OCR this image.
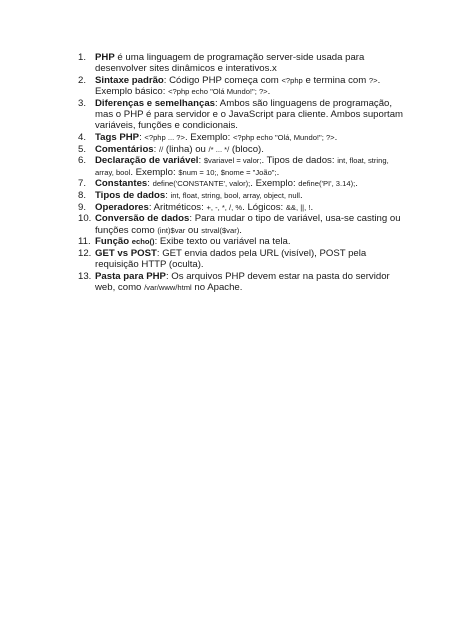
1. PHP é uma linguagem de programação server-side usada para desenvolver sites dinâmicos e interativos.x
2. Sintaxe padrão: Código PHP começa com <?php e termina com ?>. Exemplo básico: <?php echo "Olá Mundo!"; ?>.
3. Diferenças e semelhanças: Ambos são linguagens de programação, mas o PHP é para servidor e o JavaScript para cliente. Ambos suportam variáveis, funções e condicionais.
4. Tags PHP: <?php ... ?>. Exemplo: <?php echo "Olá, Mundo!"; ?>.
5. Comentários: // (linha) ou /* ... */ (bloco).
6. Declaração de variável: $variavel = valor;. Tipos de dados: int, float, string, array, bool. Exemplo: $num = 10;, $nome = "João";.
7. Constantes: define('CONSTANTE', valor);. Exemplo: define('PI', 3.14);.
8. Tipos de dados: int, float, string, bool, array, object, null.
9. Operadores: Aritméticos: +, -, *, /, %. Lógicos: &&, ||, !.
10. Conversão de dados: Para mudar o tipo de variável, usa-se casting ou funções como (int)$var ou strval($var).
11. Função echo(): Exibe texto ou variável na tela.
12. GET vs POST: GET envia dados pela URL (visível), POST pela requisição HTTP (oculta).
13. Pasta para PHP: Os arquivos PHP devem estar na pasta do servidor web, como /var/www/html no Apache.
